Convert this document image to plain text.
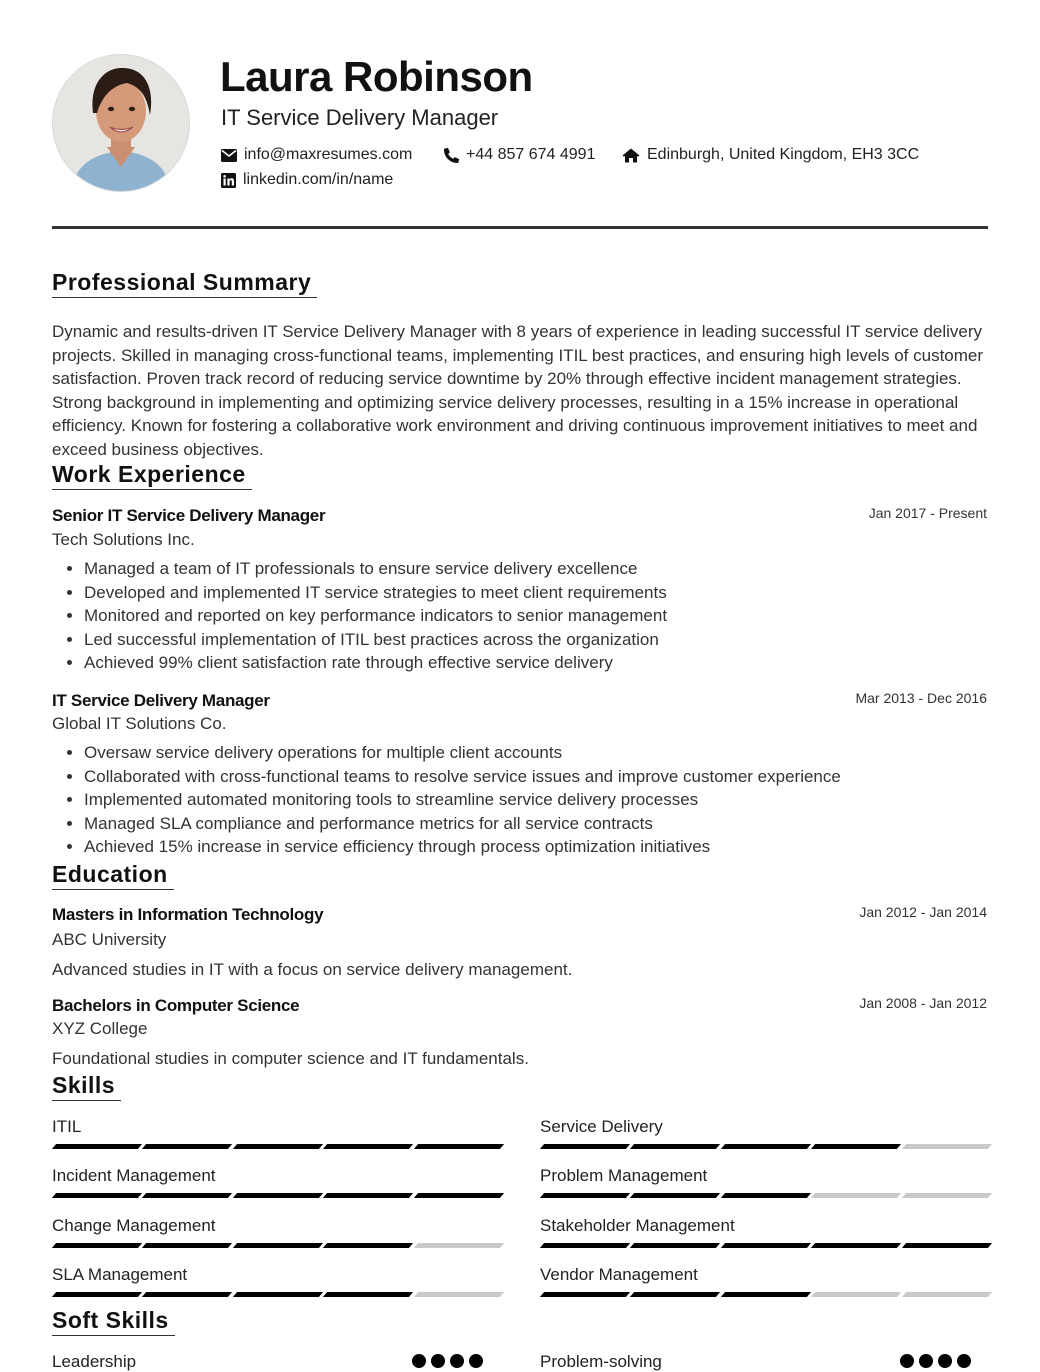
Laura Robinson
IT Service Delivery Manager
info@maxresumes.com	+44 857 674 4991	Edinburgh, United Kingdom, EH3 3CC
linkedin.com/in/name
Professional Summary
Dynamic and results-driven IT Service Delivery Manager with 8 years of experience in leading successful IT service delivery projects. Skilled in managing cross-functional teams, implementing ITIL best practices, and ensuring high levels of customer satisfaction. Proven track record of reducing service downtime by 20% through effective incident management strategies. Strong background in implementing and optimizing service delivery processes, resulting in a 15% increase in operational efficiency. Known for fostering a collaborative work environment and driving continuous improvement initiatives to meet and exceed business objectives.
Work Experience
Senior IT Service Delivery Manager	Jan 2017 - Present
Tech Solutions Inc.
• Managed a team of IT professionals to ensure service delivery excellence
• Developed and implemented IT service strategies to meet client requirements
• Monitored and reported on key performance indicators to senior management
• Led successful implementation of ITIL best practices across the organization
• Achieved 99% client satisfaction rate through effective service delivery
IT Service Delivery Manager	Mar 2013 - Dec 2016
Global IT Solutions Co.
• Oversaw service delivery operations for multiple client accounts
• Collaborated with cross-functional teams to resolve service issues and improve customer experience
• Implemented automated monitoring tools to streamline service delivery processes
• Managed SLA compliance and performance metrics for all service contracts
• Achieved 15% increase in service efficiency through process optimization initiatives
Education
Masters in Information Technology	Jan 2012 - Jan 2014
ABC University
Advanced studies in IT with a focus on service delivery management.
Bachelors in Computer Science	Jan 2008 - Jan 2012
XYZ College
Foundational studies in computer science and IT fundamentals.
Skills
ITIL	Service Delivery
Incident Management	Problem Management
Change Management	Stakeholder Management
SLA Management	Vendor Management
Soft Skills
Leadership	Problem-solving
